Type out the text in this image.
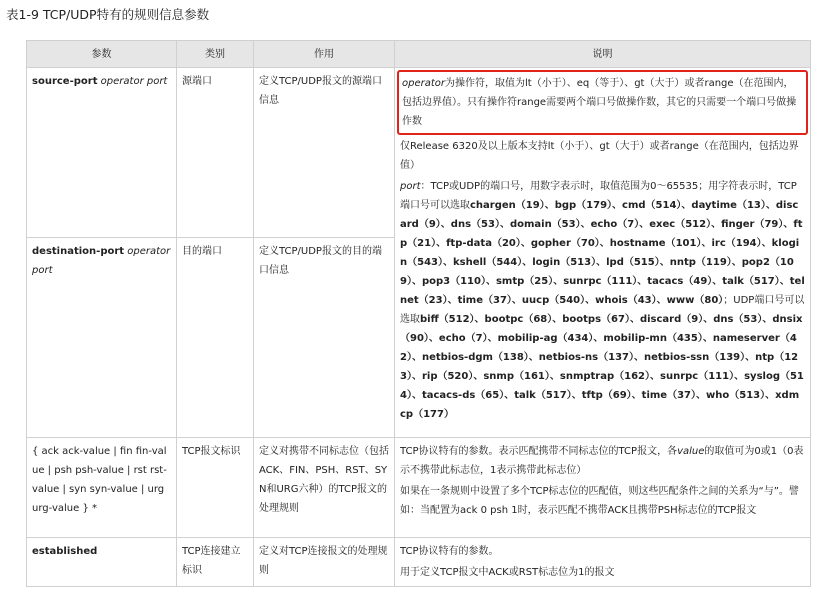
表1-9 TCP/UDP特有的规则信息参数
参数	类别	作用	说明
source-port operator port	源端口	定义TCP/UDP报文的源端口信息	operator为操作符，取值为lt（小于）、eq（等于）、gt（大于）或者range（在范围内，包括边界值）。只有操作符range需要两个端口号做操作数，其它的只需要一个端口号做操作数
仅Release 6320及以上版本支持lt（小于）、gt（大于）或者range（在范围内，包括边界值）
port：TCP或UDP的端口号，用数字表示时，取值范围为0～65535；用字符表示时，TCP端口号可以选取chargen（19）、bgp（179）、cmd（514）、daytime（13）、discard（9）、dns（53）、domain（53）、echo（7）、exec（512）、finger（79）、ftp（21）、ftp-data（20）、gopher（70）、hostname（101）、irc（194）、klogin（543）、kshell（544）、login（513）、lpd（515）、nntp（119）、pop2（109）、pop3（110）、smtp（25）、sunrpc（111）、tacacs（49）、talk（517）、telnet（23）、time（37）、uucp（540）、whois（43）、www（80）；UDP端口号可以选取biff（512）、bootpc（68）、bootps（67）、discard（9）、dns（53）、dnsix（90）、echo（7）、mobilip-ag（434）、mobilip-mn（435）、nameserver（42）、netbios-dgm（138）、netbios-ns（137）、netbios-ssn（139）、ntp（123）、rip（520）、snmp（161）、snmptrap（162）、sunrpc（111）、syslog（514）、tacacs-ds（65）、talk（517）、tftp（69）、time（37）、who（513）、xdmcp（177）

destination-port operator port	目的端口	定义TCP/UDP报文的目的端口信息	
{ ack ack-value | fin fin-value | psh psh-value | rst rst-value | syn syn-value | urg urg-value } *	TCP报文标识	定义对携带不同标志位（包括ACK、FIN、PSH、RST、SYN和URG六种）的TCP报文的处理规则	TCP协议特有的参数。表示匹配携带不同标志位的TCP报文，各value的取值可为0或1（0表示不携带此标志位，1表示携带此标志位）
如果在一条规则中设置了多个TCP标志位的匹配值，则这些匹配条件之间的关系为“与”。譬如：当配置为ack 0 psh 1时，表示匹配不携带ACK且携带PSH标志位的TCP报文

established	TCP连接建立标识	定义对TCP连接报文的处理规则	TCP协议特有的参数。
用于定义TCP报文中ACK或RST标志位为1的报文
